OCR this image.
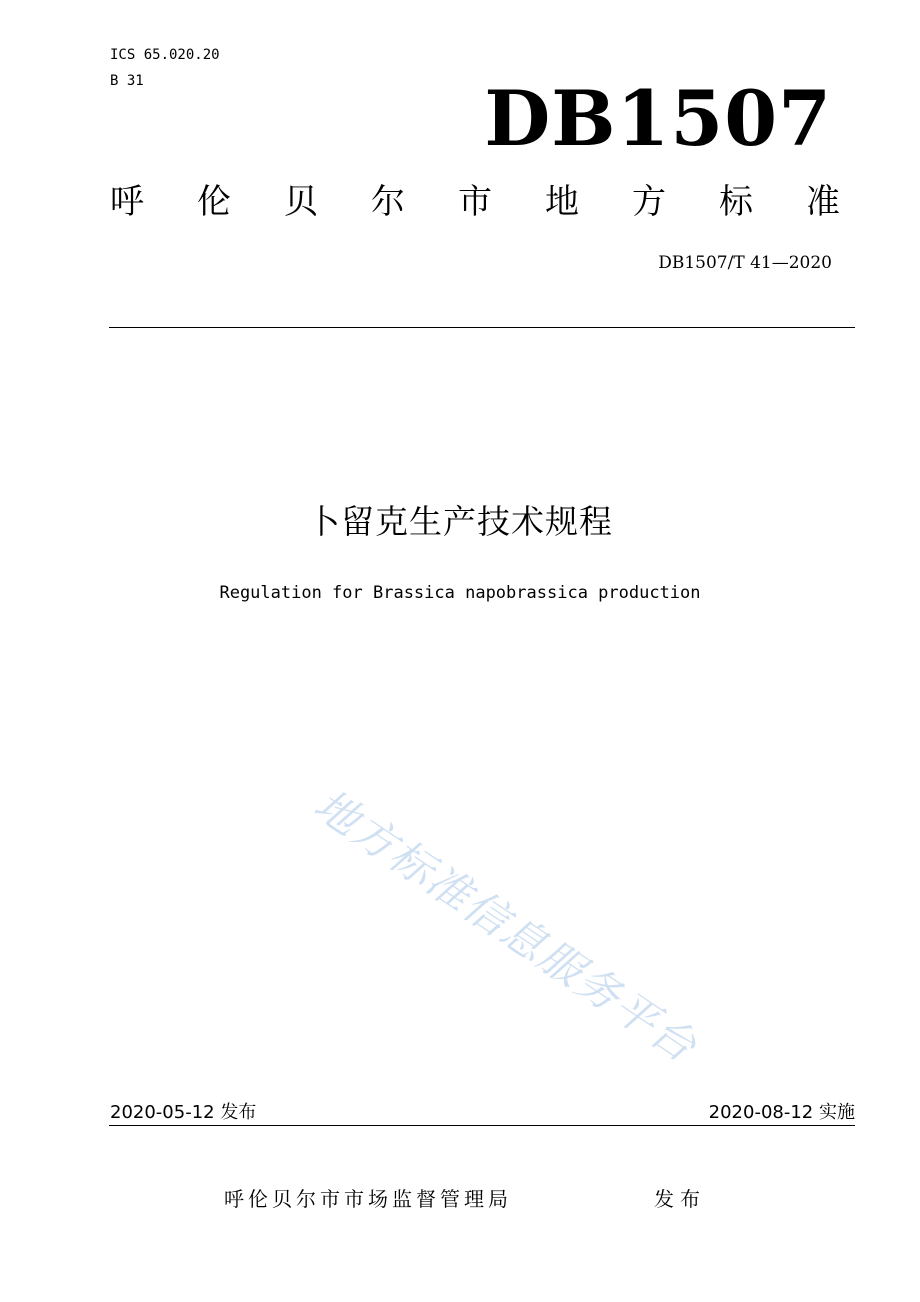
ICS 65.020.20
B 31	DB1507
呼 伦 贝 尔 市 地 方 标 准
DB1507/T 41—2020
卜留克生产技术规程
Regulation for Brassica napobrassica production
地方标准信息服务平台
2020-05-12 发布	2020-08-12 实施
呼伦贝尔市市场监督管理局	发布
